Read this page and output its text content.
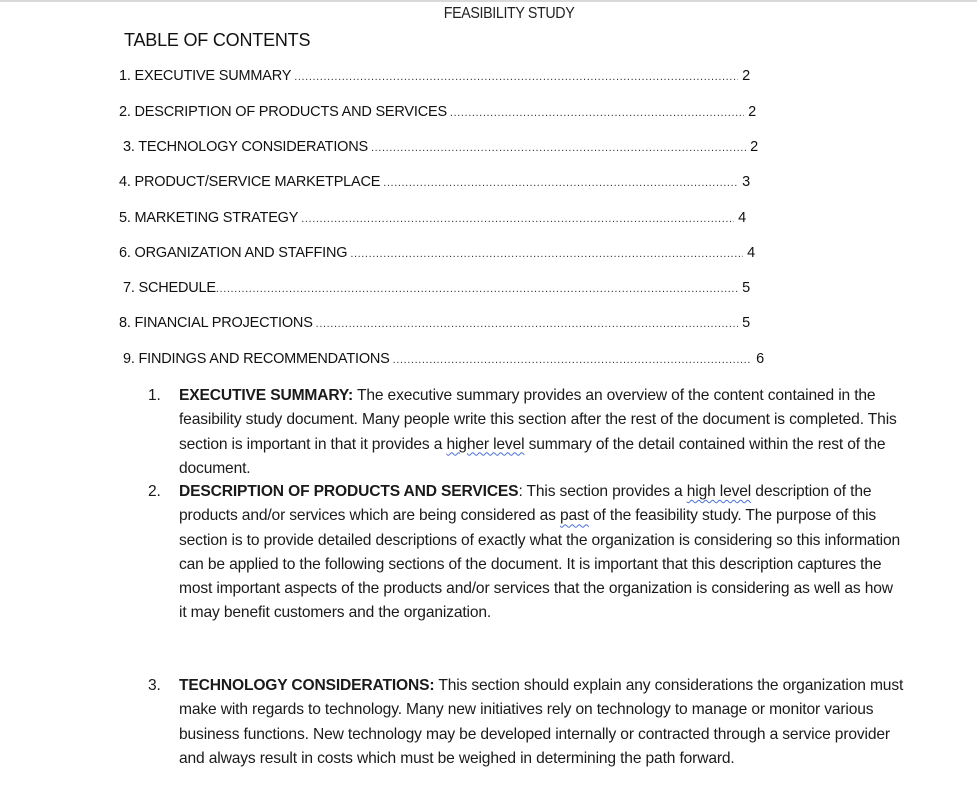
FEASIBILITY STUDY
TABLE OF CONTENTS
1. EXECUTIVE SUMMARY .....	2
2. DESCRIPTION OF PRODUCTS AND SERVICES .....	2
3. TECHNOLOGY CONSIDERATIONS .....	2
4. PRODUCT/SERVICE MARKETPLACE .....	3
5. MARKETING STRATEGY .....	4
6. ORGANIZATION AND STAFFING .....	4
7. SCHEDULE .....	5
8. FINANCIAL PROJECTIONS .....	5
9. FINDINGS AND RECOMMENDATIONS .....	6
1. EXECUTIVE SUMMARY: The executive summary provides an overview of the content contained in the feasibility study document. Many people write this section after the rest of the document is completed. This section is important in that it provides a higher level summary of the detail contained within the rest of the document.
2. DESCRIPTION OF PRODUCTS AND SERVICES: This section provides a high level description of the products and/or services which are being considered as past of the feasibility study. The purpose of this section is to provide detailed descriptions of exactly what the organization is considering so this information can be applied to the following sections of the document. It is important that this description captures the most important aspects of the products and/or services that the organization is considering as well as how it may benefit customers and the organization.
3. TECHNOLOGY CONSIDERATIONS: This section should explain any considerations the organization must make with regards to technology. Many new initiatives rely on technology to manage or monitor various business functions. New technology may be developed internally or contracted through a service provider and always result in costs which must be weighed in determining the path forward.
